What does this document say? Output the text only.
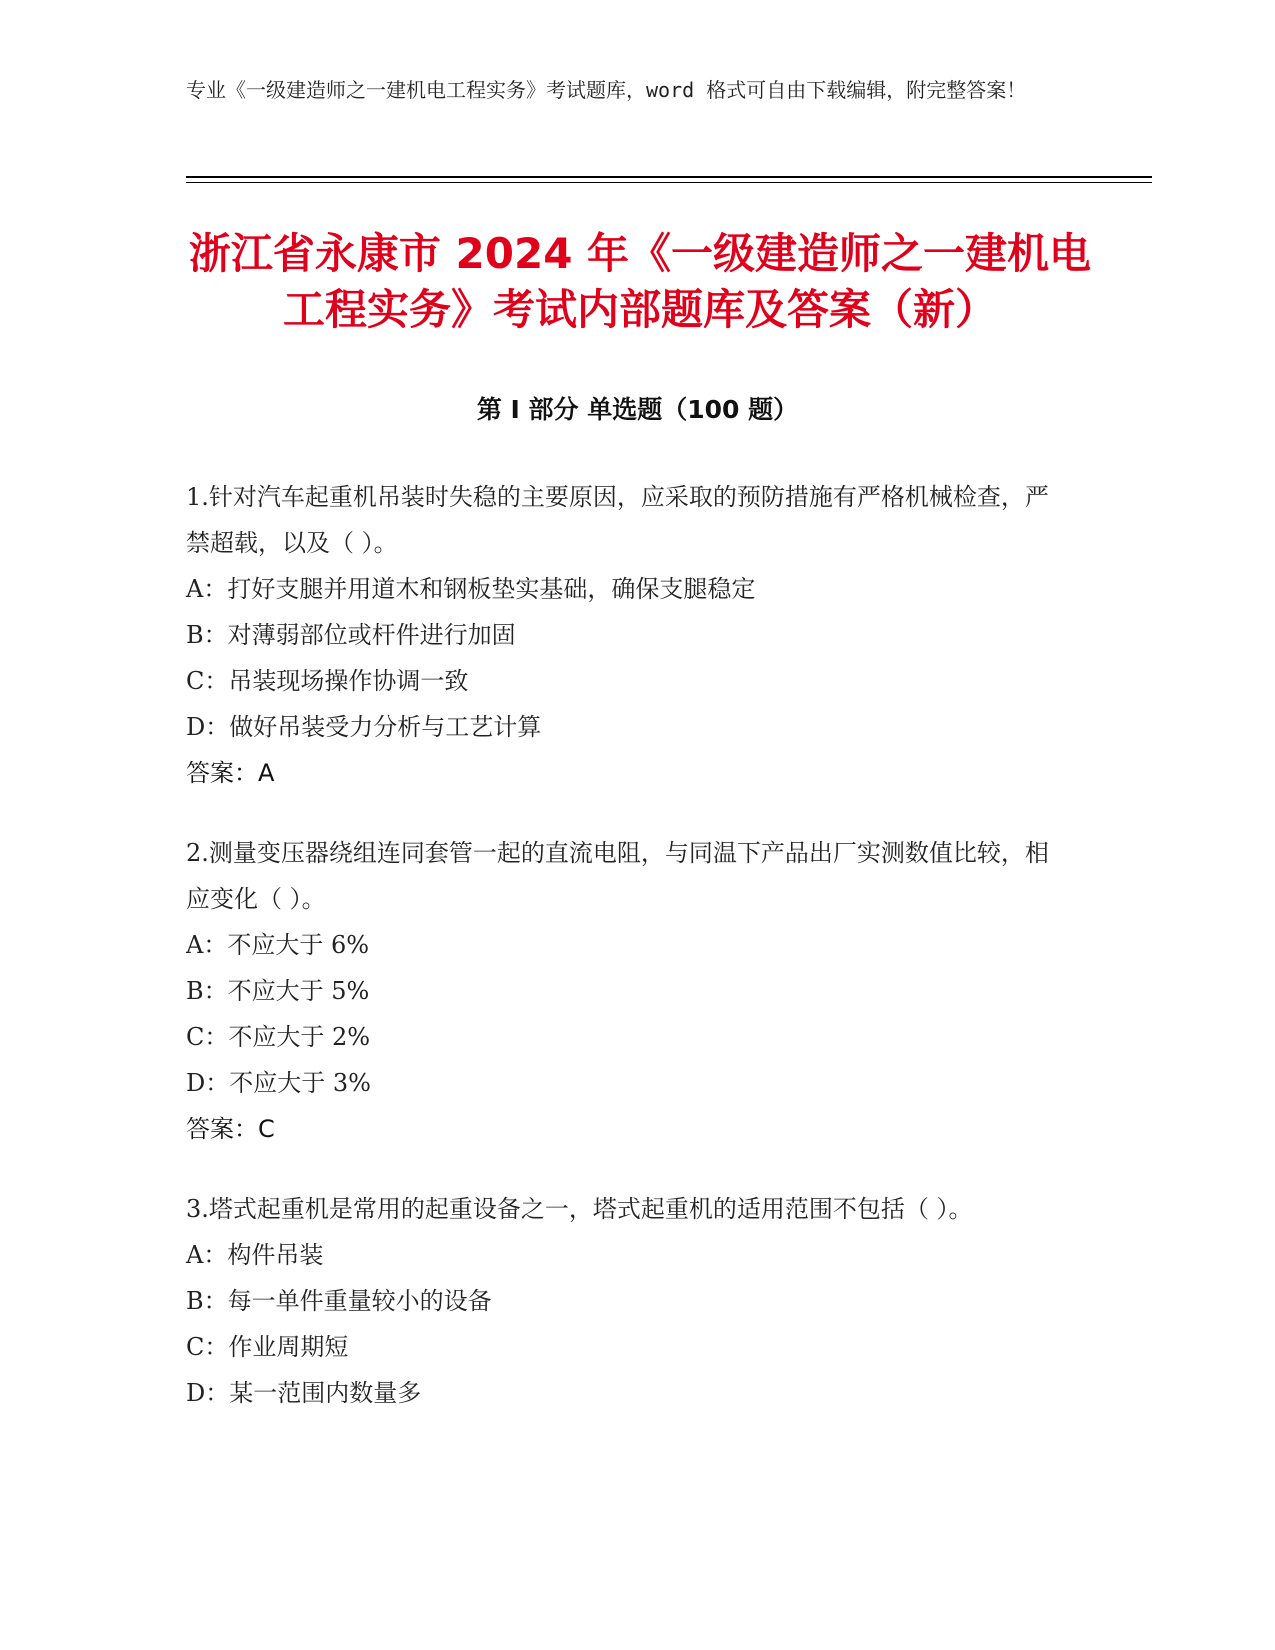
专业《一级建造师之一建机电工程实务》考试题库，word 格式可自由下载编辑，附完整答案！
浙江省永康市 2024 年《一级建造师之一建机电工程实务》考试内部题库及答案（新）
第 I 部分 单选题（100 题）
1.针对汽车起重机吊装时失稳的主要原因，应采取的预防措施有严格机械检查，严禁超载，以及（ ）。
A：打好支腿并用道木和钢板垫实基础，确保支腿稳定
B：对薄弱部位或杆件进行加固
C：吊装现场操作协调一致
D：做好吊装受力分析与工艺计算
答案：A
2.测量变压器绕组连同套管一起的直流电阻，与同温下产品出厂实测数值比较，相应变化（ ）。
A：不应大于 6%
B：不应大于 5%
C：不应大于 2%
D：不应大于 3%
答案：C
3.塔式起重机是常用的起重设备之一，塔式起重机的适用范围不包括（ ）。
A：构件吊装
B：每一单件重量较小的设备
C：作业周期短
D：某一范围内数量多
